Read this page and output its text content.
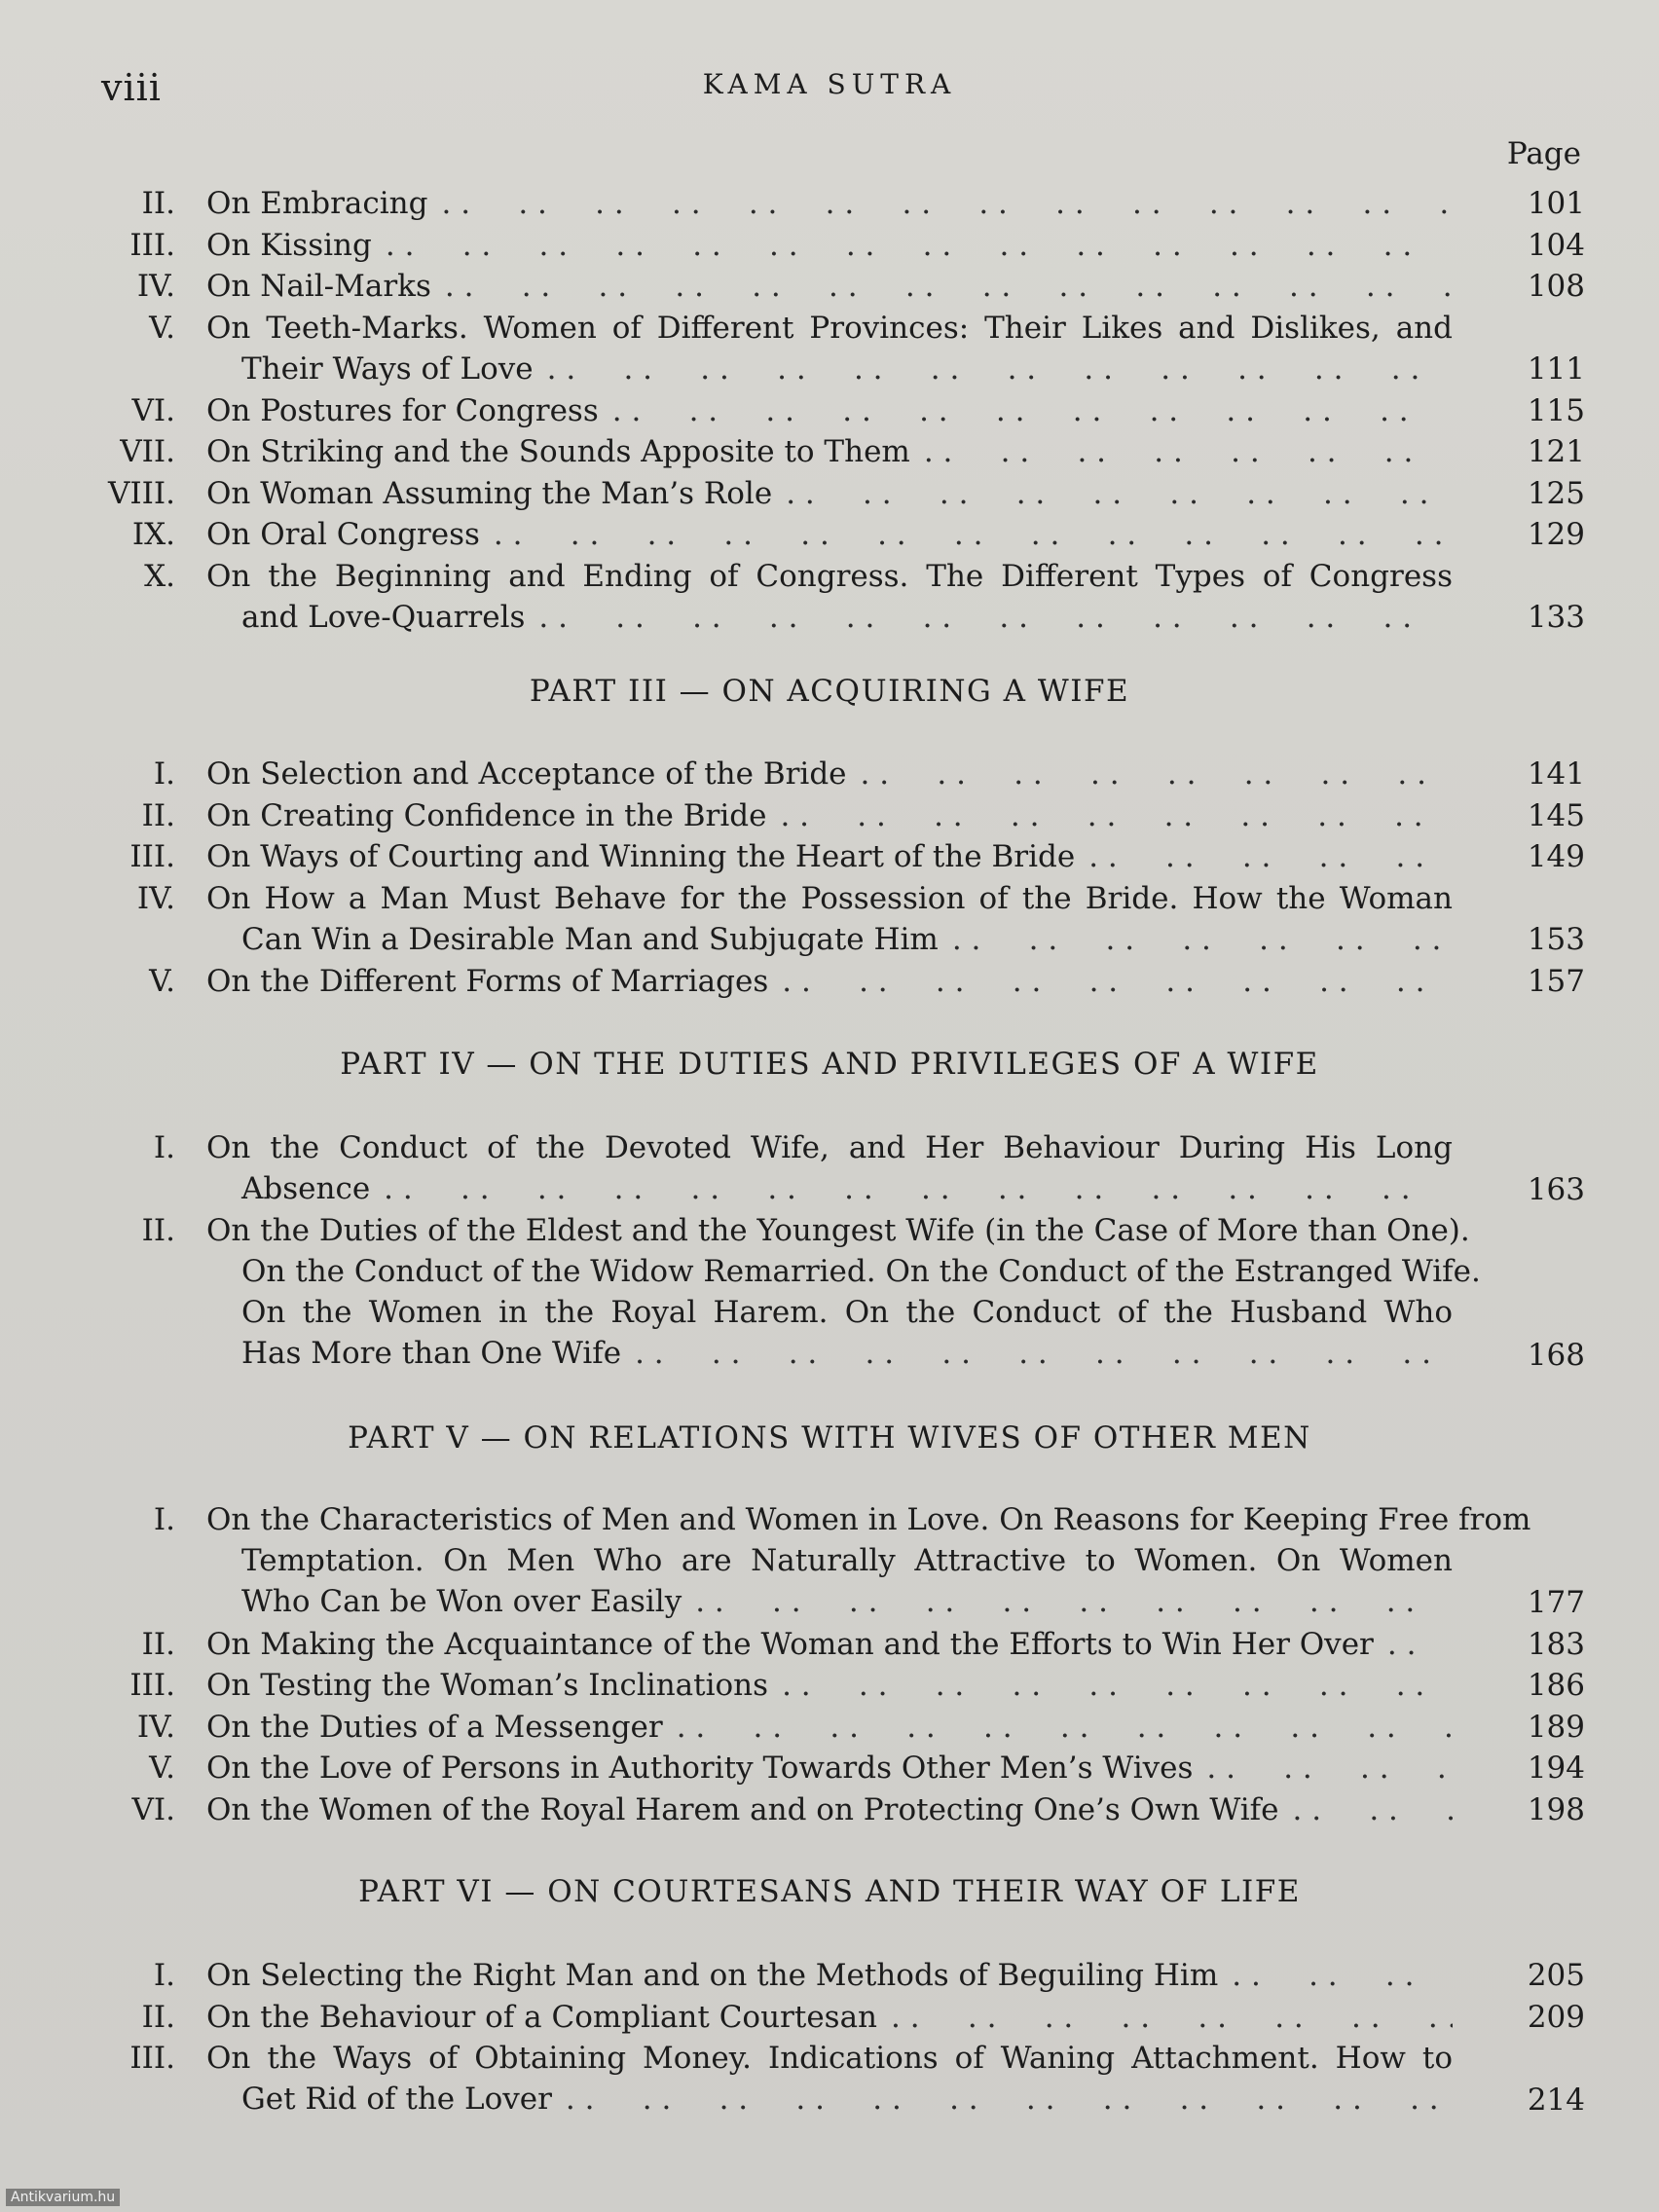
viii	KAMA SUTRA
Page
II. On Embracing . .	101
III. On Kissing . .	104
IV. On Nail-Marks . .	108
V. On Teeth-Marks. Women of Different Provinces: Their Likes and Dislikes, and
Their Ways of Love . .	111
VI. On Postures for Congress . .	115
VII. On Striking and the Sounds Apposite to Them . .	121
VIII. On Woman Assuming the Man’s Role . .	125
IX. On Oral Congress . .	129
X. On the Beginning and Ending of Congress. The Different Types of Congress
and Love-Quarrels . .	133
PART III — ON ACQUIRING A WIFE
I. On Selection and Acceptance of the Bride . .	141
II. On Creating Confidence in the Bride . .	145
III. On Ways of Courting and Winning the Heart of the Bride . .	149
IV. On How a Man Must Behave for the Possession of the Bride. How the Woman
Can Win a Desirable Man and Subjugate Him . .	153
V. On the Different Forms of Marriages . .	157
PART IV — ON THE DUTIES AND PRIVILEGES OF A WIFE
I. On the Conduct of the Devoted Wife, and Her Behaviour During His Long
Absence . .	163
II. On the Duties of the Eldest and the Youngest Wife (in the Case of More than One).
On the Conduct of the Widow Remarried. On the Conduct of the Estranged Wife.
On the Women in the Royal Harem. On the Conduct of the Husband Who
Has More than One Wife . .	168
PART V — ON RELATIONS WITH WIVES OF OTHER MEN
I. On the Characteristics of Men and Women in Love. On Reasons for Keeping Free from
Temptation. On Men Who are Naturally Attractive to Women. On Women
Who Can be Won over Easily . .	177
II. On Making the Acquaintance of the Woman and the Efforts to Win Her Over . .	183
III. On Testing the Woman’s Inclinations . .	186
IV. On the Duties of a Messenger . .	189
V. On the Love of Persons in Authority Towards Other Men’s Wives . .	194
VI. On the Women of the Royal Harem and on Protecting One’s Own Wife . .	198
PART VI — ON COURTESANS AND THEIR WAY OF LIFE
I. On Selecting the Right Man and on the Methods of Beguiling Him . .	205
II. On the Behaviour of a Compliant Courtesan . .	209
III. On the Ways of Obtaining Money. Indications of Waning Attachment. How to
Get Rid of the Lover . .	214
Antikvarium.hu
